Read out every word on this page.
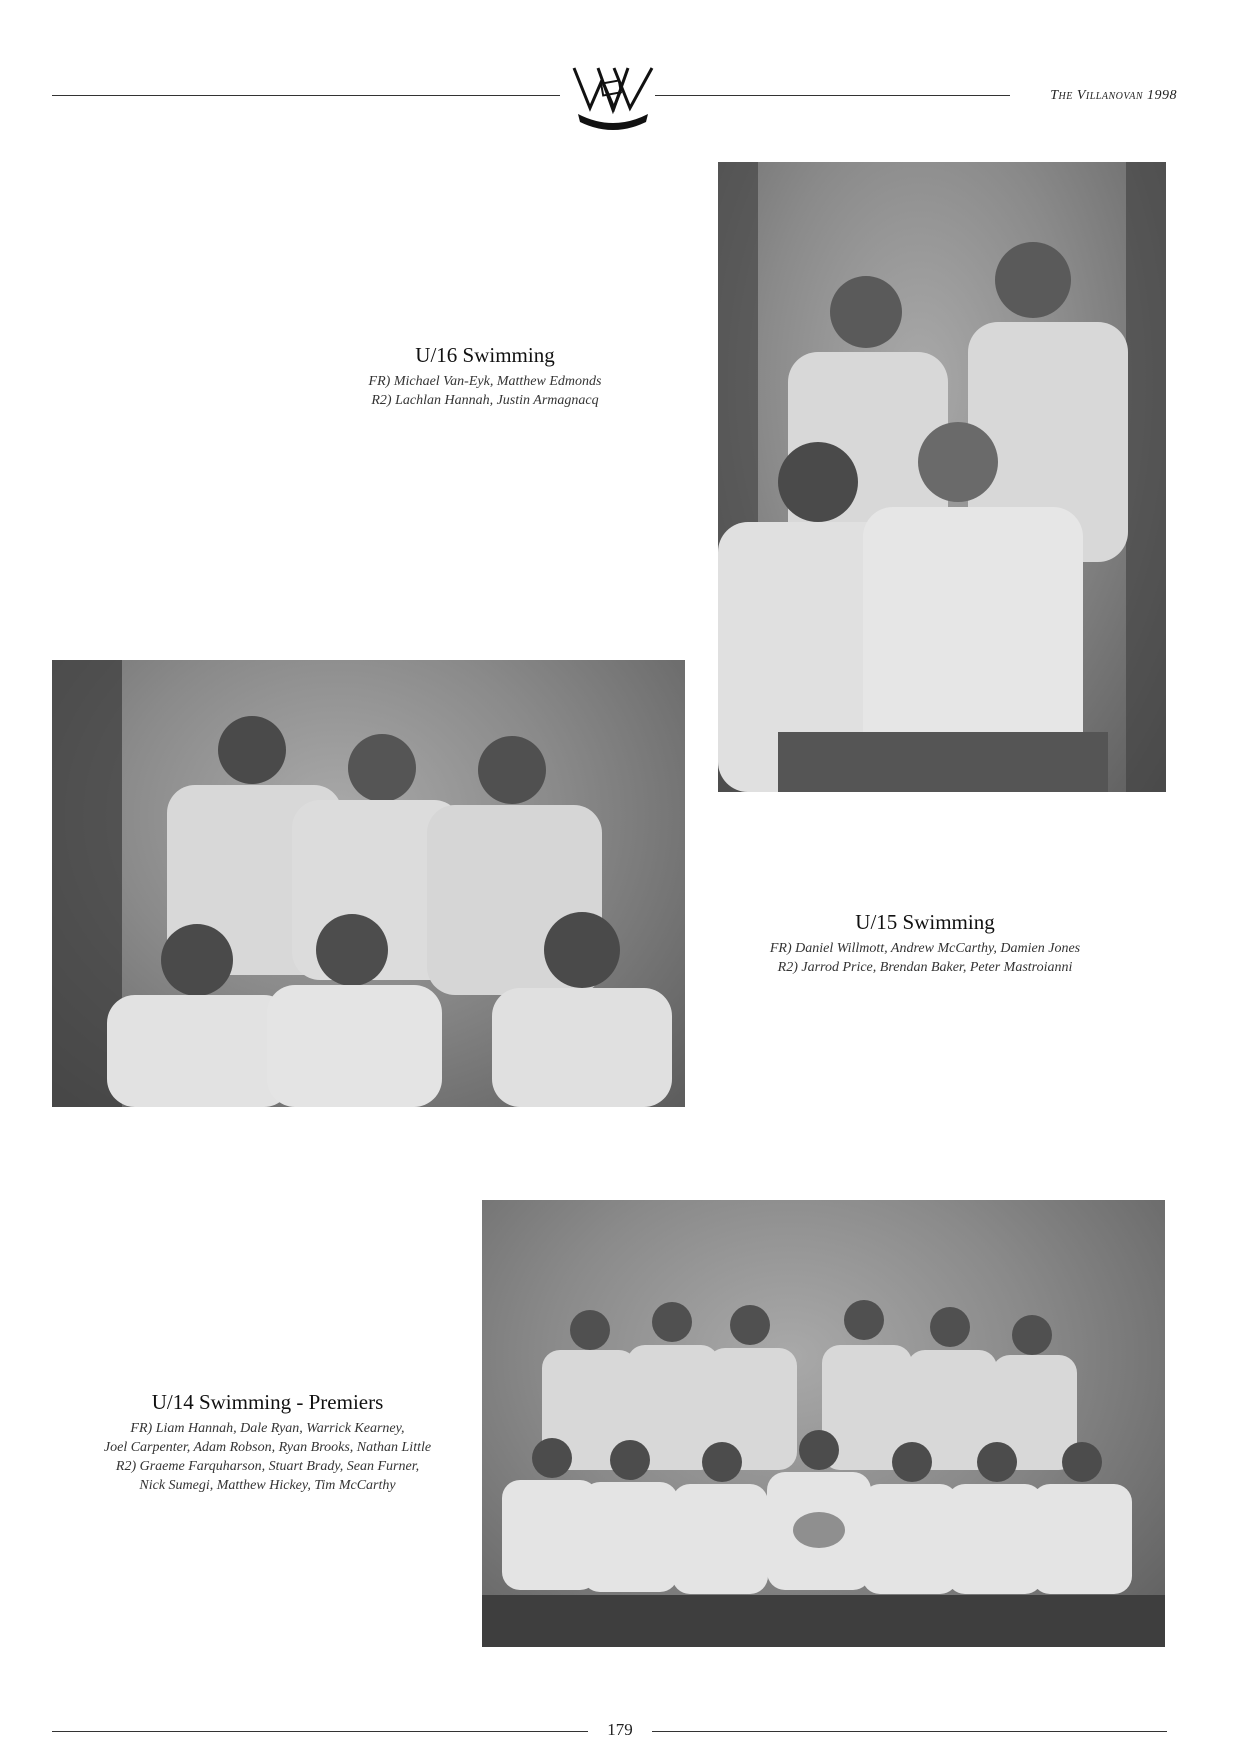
The Villanovan 1998
U/16 Swimming

FR) Michael Van-Eyk, Matthew Edmonds

R2) Lachlan Hannah, Justin Armagnacq

U/15 Swimming

FR) Daniel Willmott, Andrew McCarthy, Damien Jones

R2) Jarrod Price, Brendan Baker, Peter Mastroianni

U/14 Swimming - Premiers

FR) Liam Hannah, Dale Ryan, Warrick Kearney,

Joel Carpenter, Adam Robson, Ryan Brooks, Nathan Little

R2) Graeme Farquharson, Stuart Brady, Sean Furner,

Nick Sumegi, Matthew Hickey, Tim McCarthy

179
